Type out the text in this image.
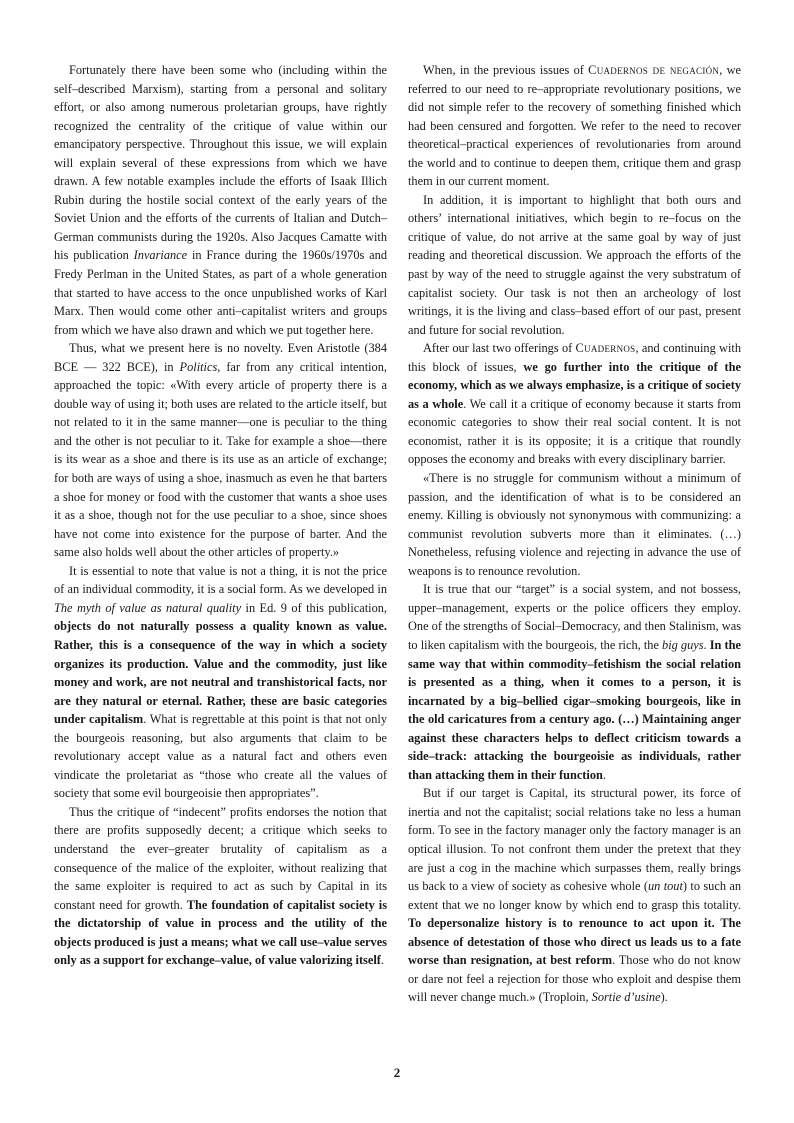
Fortunately there have been some who (including within the self–described Marxism), starting from a personal and solitary effort, or also among numerous proletarian groups, have rightly recognized the centrality of the critique of value within our emancipatory perspective. Throughout this issue, we will explain will explain several of these expressions from which we have drawn. A few notable examples include the efforts of Isaak Illich Rubin during the hostile social context of the early years of the Soviet Union and the efforts of the currents of Italian and Dutch–German communists during the 1920s. Also Jacques Camatte with his publication Invariance in France during the 1960s/1970s and Fredy Perlman in the United States, as part of a whole generation that started to have access to the once unpublished works of Karl Marx. Then would come other anti–capitalist writers and groups from which we have also drawn and which we put together here.

Thus, what we present here is no novelty. Even Aristotle (384 BCE — 322 BCE), in Politics, far from any critical intention, approached the topic: «With every article of property there is a double way of using it; both uses are related to the article itself, but not related to it in the same manner—one is peculiar to the thing and the other is not peculiar to it. Take for example a shoe—there is its wear as a shoe and there is its use as an article of exchange; for both are ways of using a shoe, inasmuch as even he that barters a shoe for money or food with the customer that wants a shoe uses it as a shoe, though not for the use peculiar to a shoe, since shoes have not come into existence for the purpose of barter. And the same also holds well about the other articles of property.»

It is essential to note that value is not a thing, it is not the price of an individual commodity, it is a social form. As we developed in The myth of value as natural quality in Ed. 9 of this publication, objects do not naturally possess a quality known as value. Rather, this is a consequence of the way in which a society organizes its production. Value and the commodity, just like money and work, are not neutral and transhistorical facts, nor are they natural or eternal. Rather, these are basic categories under capitalism. What is regrettable at this point is that not only the bourgeois reasoning, but also arguments that claim to be revolutionary accept value as a natural fact and others even vindicate the proletariat as “those who create all the values of society that some evil bourgeoisie then appropriates”.

Thus the critique of “indecent” profits endorses the notion that there are profits supposedly decent; a critique which seeks to understand the ever–greater brutality of capitalism as a consequence of the malice of the exploiter, without realizing that the same exploiter is required to act as such by Capital in its constant need for growth. The foundation of capitalist society is the dictatorship of value in process and the utility of the objects produced is just a means; what we call use–value serves only as a support for exchange–value, of value valorizing itself.

When, in the previous issues of Cuadernos de negación, we referred to our need to re–appropriate revolutionary positions, we did not simple refer to the recovery of something finished which had been censured and forgotten. We refer to the need to recover theoretical–practical experiences of revolutionaries from around the world and to continue to deepen them, critique them and grasp them in our current moment.

In addition, it is important to highlight that both ours and others’ international initiatives, which begin to re–focus on the critique of value, do not arrive at the same goal by way of just reading and theoretical discussion. We approach the efforts of the past by way of the need to struggle against the very substratum of capitalist society. Our task is not then an archeology of lost writings, it is the living and class–based effort of our past, present and future for social revolution.

After our last two offerings of Cuadernos, and continuing with this block of issues, we go further into the critique of the economy, which as we always emphasize, is a critique of society as a whole. We call it a critique of economy because it starts from economic categories to show their real social content. It is not economist, rather it is its opposite; it is a critique that roundly opposes the economy and breaks with every disciplinary barrier.

«There is no struggle for communism without a minimum of passion, and the identification of what is to be considered an enemy. Killing is obviously not synonymous with communizing: a communist revolution subverts more than it eliminates. (…) Nonetheless, refusing violence and rejecting in advance the use of weapons is to renounce revolution.

It is true that our “target” is a social system, and not bossess, upper–management, experts or the police officers they employ. One of the strengths of Social–Democracy, and then Stalinism, was to liken capitalism with the bourgeois, the rich, the big guys. In the same way that within commodity–fetishism the social relation is presented as a thing, when it comes to a person, it is incarnated by a big–bellied cigar–smoking bourgeois, like in the old caricatures from a century ago. (…) Maintaining anger against these characters helps to deflect criticism towards a side–track: attacking the bourgeoisie as individuals, rather than attacking them in their function.

But if our target is Capital, its structural power, its force of inertia and not the capitalist; social relations take no less a human form. To see in the factory manager only the factory manager is an optical illusion. To not confront them under the pretext that they are just a cog in the machine which surpasses them, really brings us back to a view of society as cohesive whole (un tout) to such an extent that we no longer know by which end to grasp this totality. To depersonalize history is to renounce to act upon it. The absence of detestation of those who direct us leads us to a fate worse than resignation, at best reform. Those who do not know or dare not feel a rejection for those who exploit and despise them will never change much.» (Troploin, Sortie d’usine).

2
